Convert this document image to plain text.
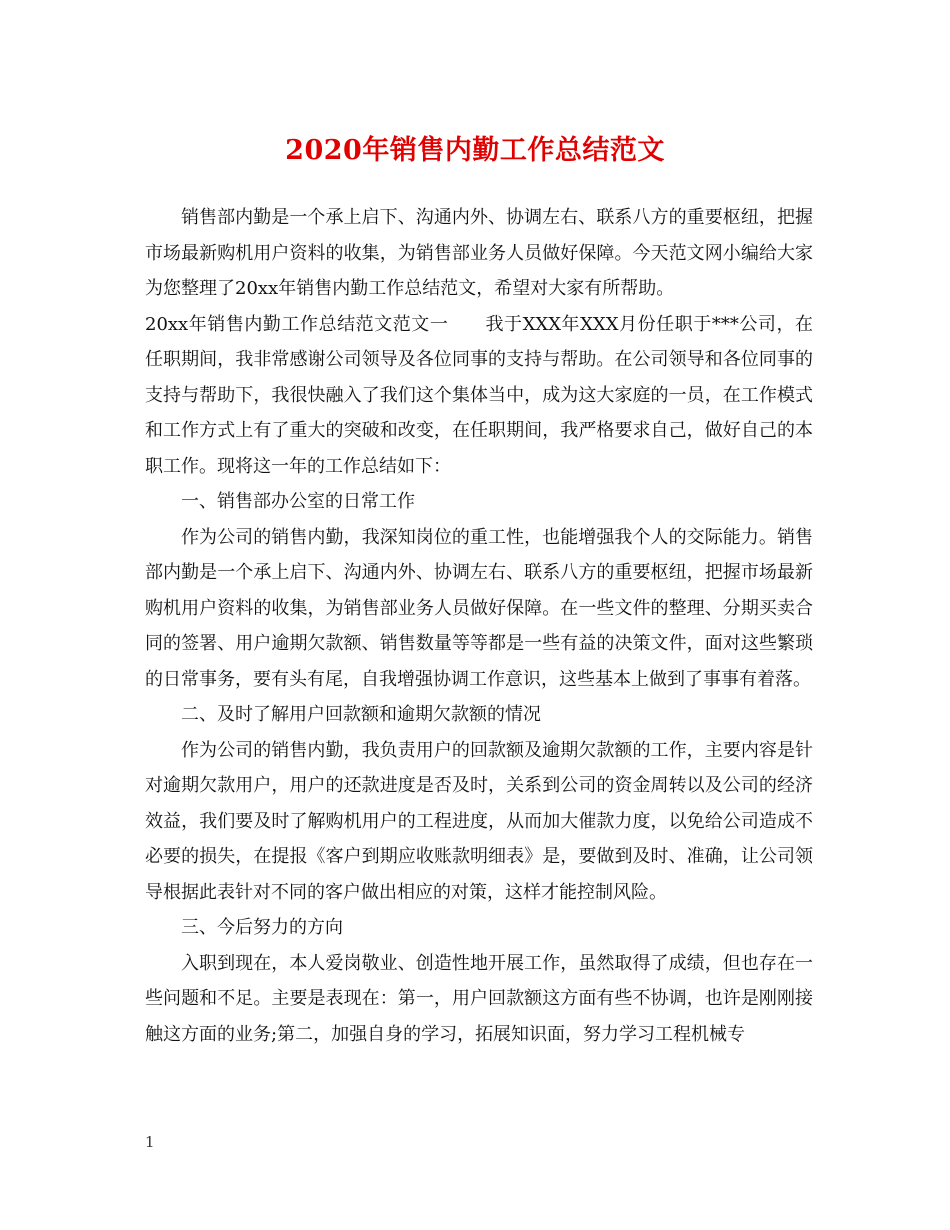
2020年销售内勤工作总结范文

销售部内勤是一个承上启下、沟通内外、协调左右、联系八方的重要枢纽，把握市场最新购机用户资料的收集，为销售部业务人员做好保障。今天范文网小编给大家为您整理了20xx年销售内勤工作总结范文，希望对大家有所帮助。

20xx年销售内勤工作总结范文范文一　　我于XXX年XXX月份任职于***公司，在任职期间，我非常感谢公司领导及各位同事的支持与帮助。在公司领导和各位同事的支持与帮助下，我很快融入了我们这个集体当中，成为这大家庭的一员，在工作模式和工作方式上有了重大的突破和改变，在任职期间，我严格要求自己，做好自己的本职工作。现将这一年的工作总结如下：

一、销售部办公室的日常工作

作为公司的销售内勤，我深知岗位的重工性，也能增强我个人的交际能力。销售部内勤是一个承上启下、沟通内外、协调左右、联系八方的重要枢纽，把握市场最新购机用户资料的收集，为销售部业务人员做好保障。在一些文件的整理、分期买卖合同的签署、用户逾期欠款额、销售数量等等都是一些有益的决策文件，面对这些繁琐的日常事务，要有头有尾，自我增强协调工作意识，这些基本上做到了事事有着落。

二、及时了解用户回款额和逾期欠款额的情况

作为公司的销售内勤，我负责用户的回款额及逾期欠款额的工作，主要内容是针对逾期欠款用户，用户的还款进度是否及时，关系到公司的资金周转以及公司的经济效益，我们要及时了解购机用户的工程进度，从而加大催款力度，以免给公司造成不必要的损失，在提报《客户到期应收账款明细表》是，要做到及时、准确，让公司领导根据此表针对不同的客户做出相应的对策，这样才能控制风险。

三、今后努力的方向

入职到现在，本人爱岗敬业、创造性地开展工作，虽然取得了成绩，但也存在一些问题和不足。主要是表现在：第一，用户回款额这方面有些不协调，也许是刚刚接触这方面的业务;第二，加强自身的学习，拓展知识面，努力学习工程机械专

1
